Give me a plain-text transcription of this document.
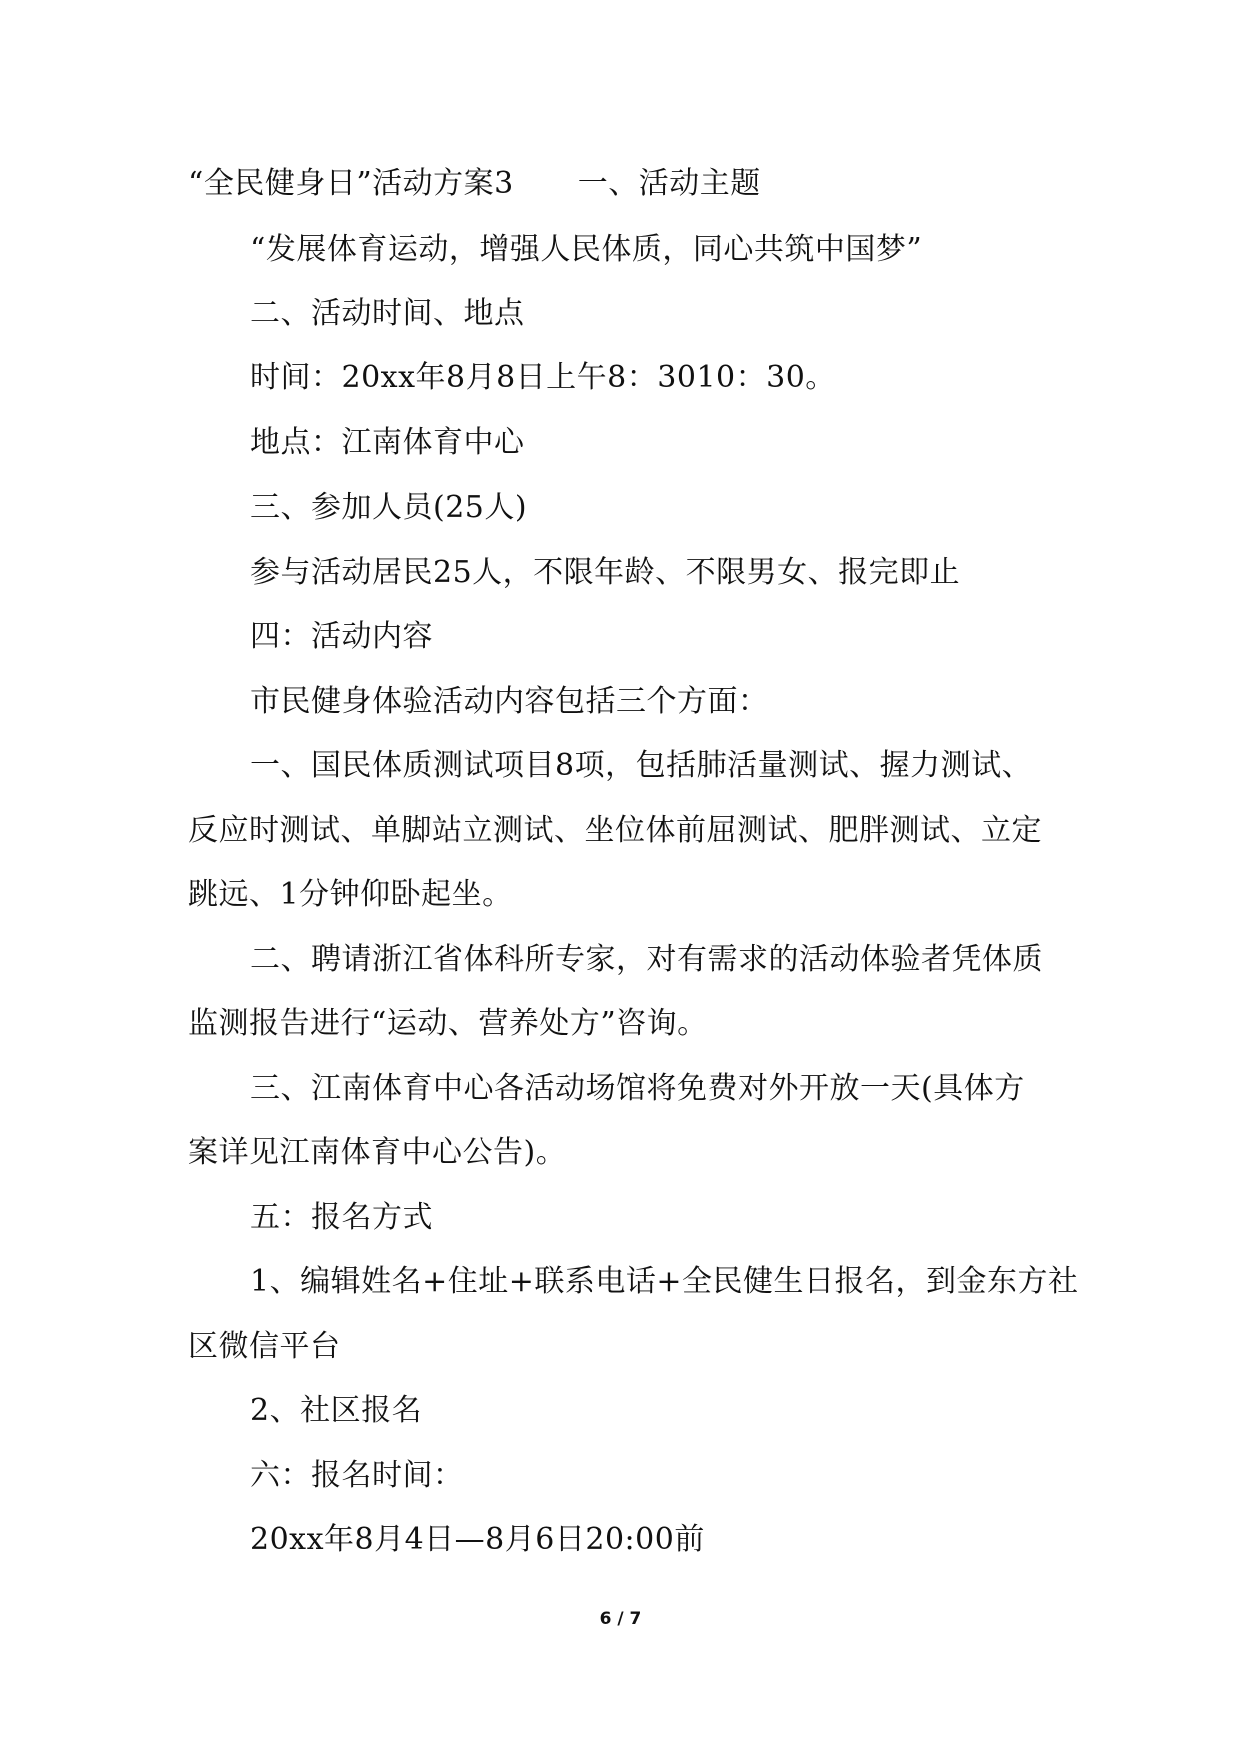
“全民健身日”活动方案3 一、活动主题
“发展体育运动，增强人民体质，同心共筑中国梦”
二、活动时间、地点
时间：20xx年8月8日上午8：3010：30。
地点：江南体育中心
三、参加人员(25人)
参与活动居民25人，不限年龄、不限男女、报完即止
四：活动内容
市民健身体验活动内容包括三个方面：
一、国民体质测试项目8项，包括肺活量测试、握力测试、
反应时测试、单脚站立测试、坐位体前屈测试、肥胖测试、立定
跳远、1分钟仰卧起坐。
二、聘请浙江省体科所专家，对有需求的活动体验者凭体质
监测报告进行“运动、营养处方”咨询。
三、江南体育中心各活动场馆将免费对外开放一天(具体方
案详见江南体育中心公告)。
五：报名方式
1、编辑姓名+住址+联系电话+全民健生日报名，到金东方社
区微信平台
2、社区报名
六：报名时间：
20xx年8月4日—8月6日20:00前
6 / 7
